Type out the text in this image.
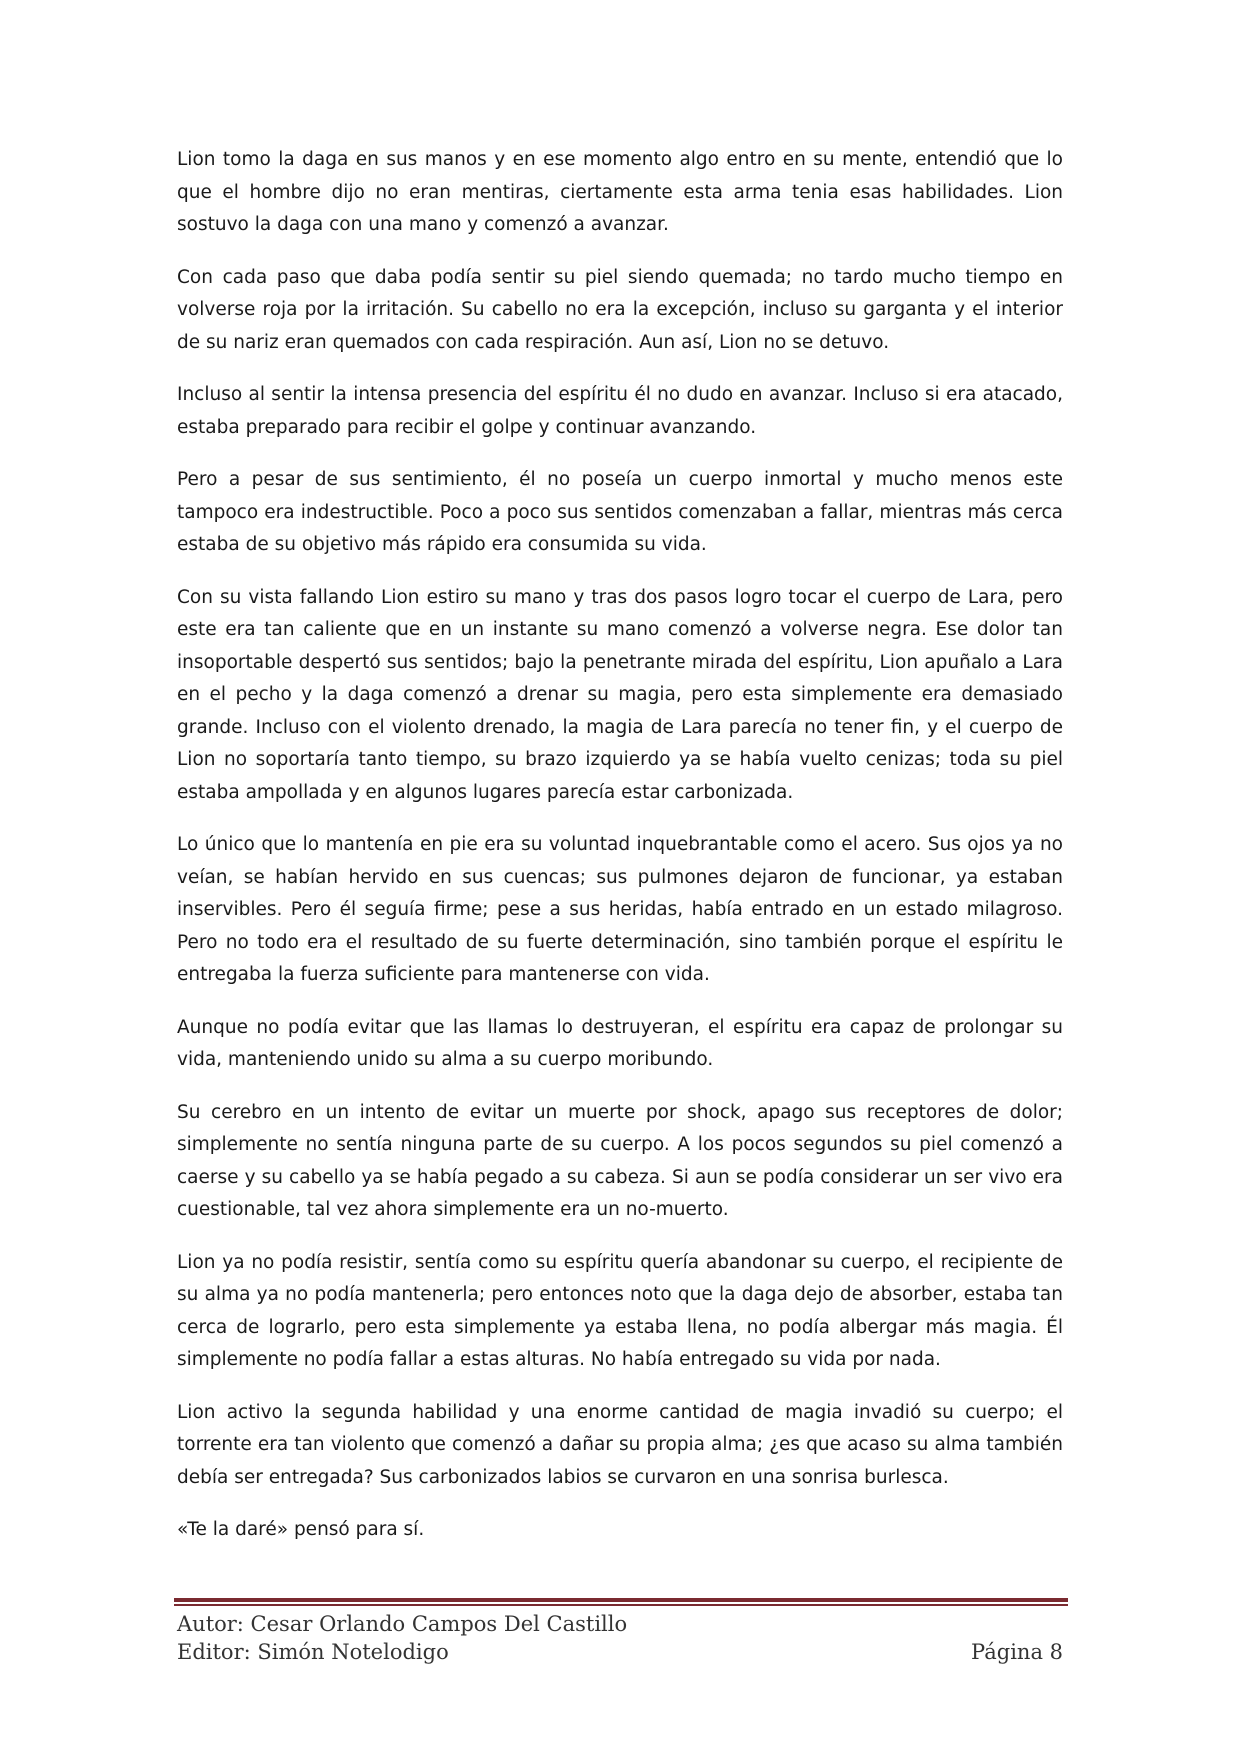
Lion tomo la daga en sus manos y en ese momento algo entro en su mente, entendió que lo que el hombre dijo no eran mentiras, ciertamente esta arma tenia esas habilidades. Lion sostuvo la daga con una mano y comenzó a avanzar.

Con cada paso que daba podía sentir su piel siendo quemada; no tardo mucho tiempo en volverse roja por la irritación. Su cabello no era la excepción, incluso su garganta y el interior de su nariz eran quemados con cada respiración. Aun así, Lion no se detuvo.

Incluso al sentir la intensa presencia del espíritu él no dudo en avanzar. Incluso si era atacado, estaba preparado para recibir el golpe y continuar avanzando.

Pero a pesar de sus sentimiento, él no poseía un cuerpo inmortal y mucho menos este tampoco era indestructible. Poco a poco sus sentidos comenzaban a fallar, mientras más cerca estaba de su objetivo más rápido era consumida su vida.

Con su vista fallando Lion estiro su mano y tras dos pasos logro tocar el cuerpo de Lara, pero este era tan caliente que en un instante su mano comenzó a volverse negra. Ese dolor tan insoportable despertó sus sentidos; bajo la penetrante mirada del espíritu, Lion apuñalo a Lara en el pecho y la daga comenzó a drenar su magia, pero esta simplemente era demasiado grande. Incluso con el violento drenado, la magia de Lara parecía no tener fin, y el cuerpo de Lion no soportaría tanto tiempo, su brazo izquierdo ya se había vuelto cenizas; toda su piel estaba ampollada y en algunos lugares parecía estar carbonizada.

Lo único que lo mantenía en pie era su voluntad inquebrantable como el acero. Sus ojos ya no veían, se habían hervido en sus cuencas; sus pulmones dejaron de funcionar, ya estaban inservibles. Pero él seguía firme; pese a sus heridas, había entrado en un estado milagroso. Pero no todo era el resultado de su fuerte determinación, sino también porque el espíritu le entregaba la fuerza suficiente para mantenerse con vida.

Aunque no podía evitar que las llamas lo destruyeran, el espíritu era capaz de prolongar su vida, manteniendo unido su alma a su cuerpo moribundo.

Su cerebro en un intento de evitar un muerte por shock, apago sus receptores de dolor; simplemente no sentía ninguna parte de su cuerpo. A los pocos segundos su piel comenzó a caerse y su cabello ya se había pegado a su cabeza. Si aun se podía considerar un ser vivo era cuestionable, tal vez ahora simplemente era un no-muerto.

Lion ya no podía resistir, sentía como su espíritu quería abandonar su cuerpo, el recipiente de su alma ya no podía mantenerla; pero entonces noto que la daga dejo de absorber, estaba tan cerca de lograrlo, pero esta simplemente ya estaba llena, no podía albergar más magia. Él simplemente no podía fallar a estas alturas. No había entregado su vida por nada.

Lion activo la segunda habilidad y una enorme cantidad de magia invadió su cuerpo; el torrente era tan violento que comenzó a dañar su propia alma; ¿es que acaso su alma también debía ser entregada? Sus carbonizados labios se curvaron en una sonrisa burlesca.

«Te la daré» pensó para sí.

Autor: Cesar Orlando Campos Del Castillo
Editor: Simón Notelodigo	Página 8
